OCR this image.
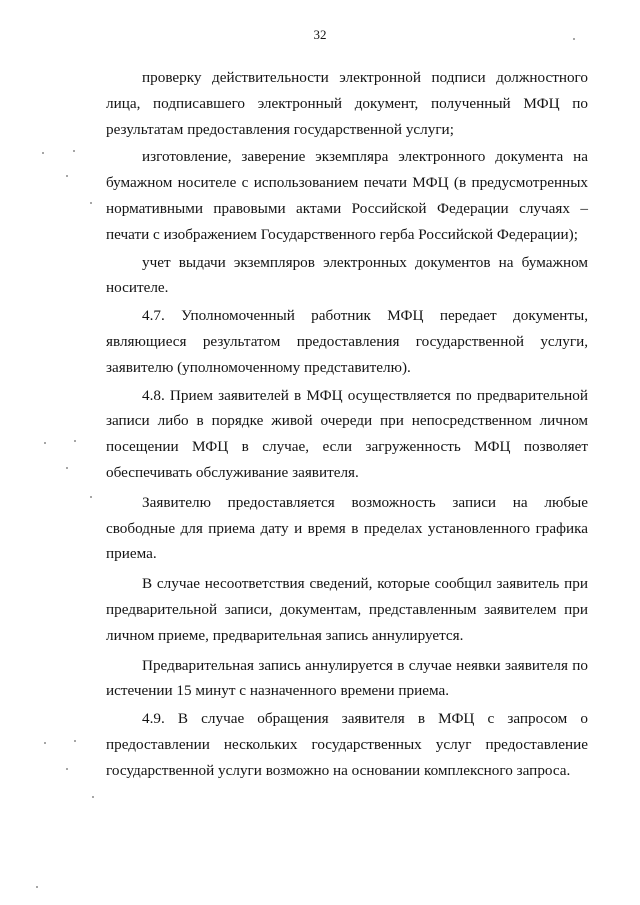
32

проверку действительности электронной подписи должностного лица, подписавшего электронный документ, полученный МФЦ по результатам предоставления государственной услуги;

изготовление, заверение экземпляра электронного документа на бумажном носителе с использованием печати МФЦ (в предусмотренных нормативными правовыми актами Российской Федерации случаях – печати с изображением Государственного герба Российской Федерации);

учет выдачи экземпляров электронных документов на бумажном носителе.

4.7. Уполномоченный работник МФЦ передает документы, являющиеся результатом предоставления государственной услуги, заявителю (уполномоченному представителю).

4.8. Прием заявителей в МФЦ осуществляется по предварительной записи либо в порядке живой очереди при непосредственном личном посещении МФЦ в случае, если загруженность МФЦ позволяет обеспечивать обслуживание заявителя.

Заявителю предоставляется возможность записи на любые свободные для приема дату и время в пределах установленного графика приема.

В случае несоответствия сведений, которые сообщил заявитель при предварительной записи, документам, представленным заявителем при личном приеме, предварительная запись аннулируется.

Предварительная запись аннулируется в случае неявки заявителя по истечении 15 минут с назначенного времени приема.

4.9. В случае обращения заявителя в МФЦ с запросом о предоставлении нескольких государственных услуг предоставление государственной услуги возможно на основании комплексного запроса.
